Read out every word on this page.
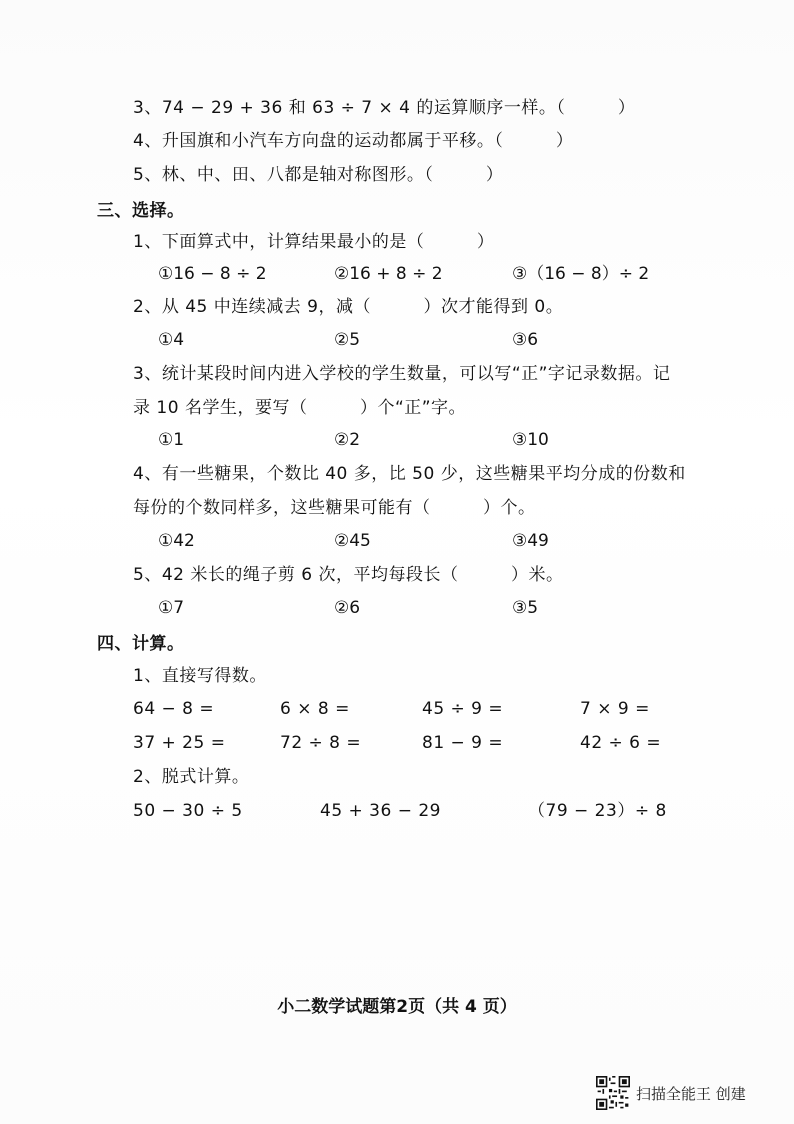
3、74 − 29 + 36 和 63 ÷ 7 × 4 的运算顺序一样。（　　　）
4、升国旗和小汽车方向盘的运动都属于平移。（　　　）
5、林、中、田、八都是轴对称图形。（　　　）
三、选择。
1、下面算式中，计算结果最小的是（　　　）
①16 − 8 ÷ 2	②16 + 8 ÷ 2	③（16 − 8）÷ 2
2、从 45 中连续减去 9，减（　　　）次才能得到 0。
①4	②5	③6
3、统计某段时间内进入学校的学生数量，可以写“正”字记录数据。记
录 10 名学生，要写（　　　）个“正”字。
①1	②2	③10
4、有一些糖果，个数比 40 多，比 50 少，这些糖果平均分成的份数和
每份的个数同样多，这些糖果可能有（　　　）个。
①42	②45	③49
5、42 米长的绳子剪 6 次，平均每段长（　　　）米。
①7	②6	③5
四、计算。
1、直接写得数。
64 − 8 =	6 × 8 =	45 ÷ 9 =	7 × 9 =
37 + 25 =	72 ÷ 8 =	81 − 9 =	42 ÷ 6 =
2、脱式计算。
50 − 30 ÷ 5	45 + 36 − 29	（79 − 23）÷ 8
小二数学试题第2页（共 4 页）
扫描全能王 创建
